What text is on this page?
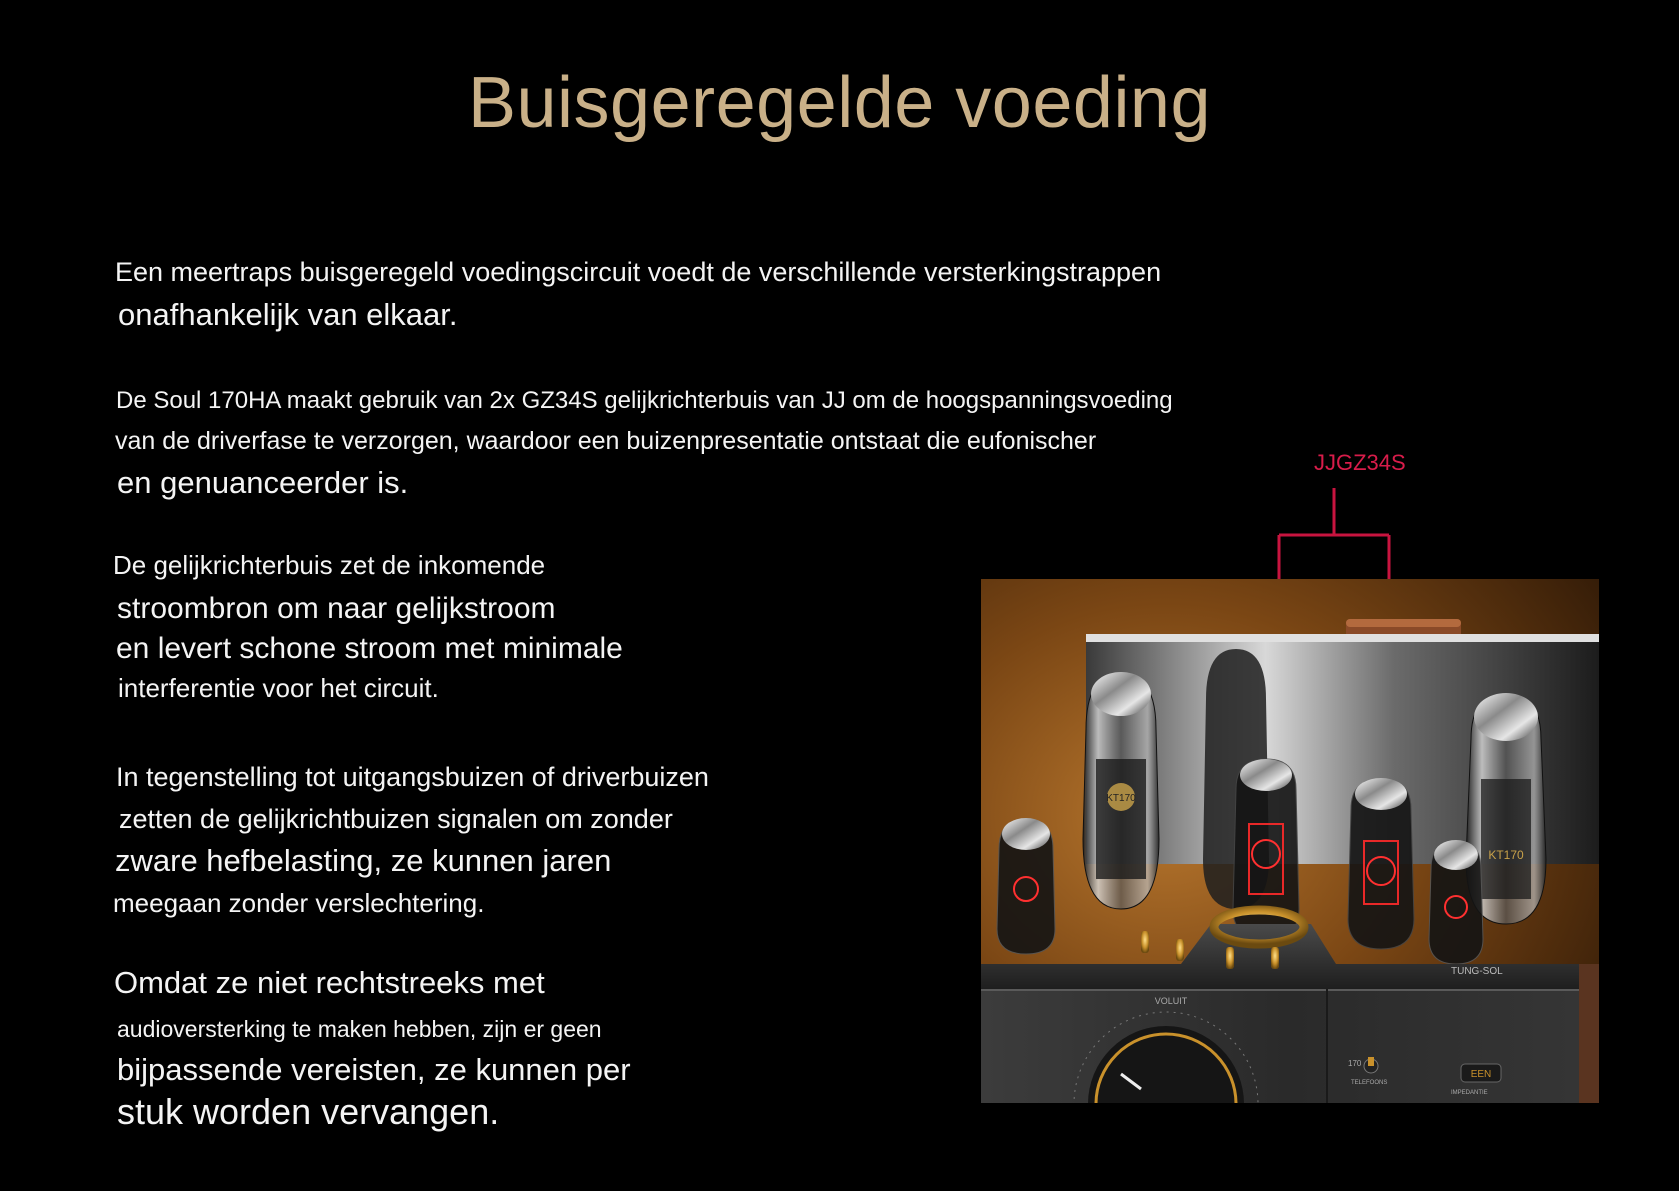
Buisgeregelde voeding
Een meertraps buisgeregeld voedingscircuit voedt de verschillende versterkingstrappen
onafhankelijk van elkaar.
De Soul 170HA maakt gebruik van 2x GZ34S gelijkrichterbuis van JJ om de hoogspanningsvoeding
van de driverfase te verzorgen, waardoor een buizenpresentatie ontstaat die eufonischer
en genuanceerder is.
De gelijkrichterbuis zet de inkomende
stroombron om naar gelijkstroom
en levert schone stroom met minimale
interferentie voor het circuit.
In tegenstelling tot uitgangsbuizen of driverbuizen
zetten de gelijkrichtbuizen signalen om zonder
zware hefbelasting, ze kunnen jaren
meegaan zonder verslechtering.
Omdat ze niet rechtstreeks met
audioversterking te maken hebben, zijn er geen
bijpassende vereisten, ze kunnen per
stuk worden vervangen.
JJGZ34S
KT170
KT170
TUNG-SOL
VOLUIT
170
TELEFOONS
EEN
IMPEDANTIE
